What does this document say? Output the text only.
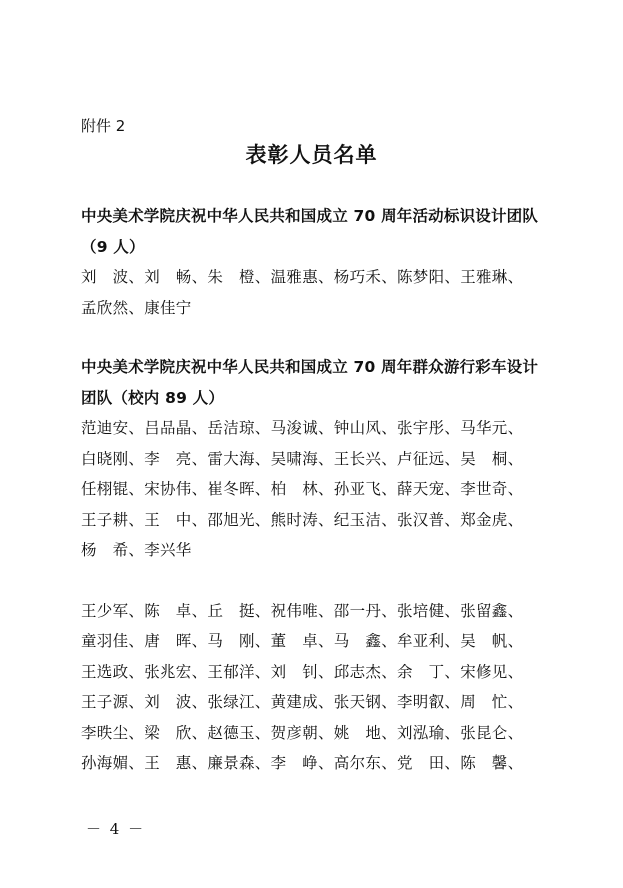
附件 2
表彰人员名单
中央美术学院庆祝中华人民共和国成立 70 周年活动标识设计团队
（9 人）
刘　波、刘　畅、朱　橙、温雅惠、杨巧禾、陈梦阳、王雅琳、
孟欣然、康佳宁
中央美术学院庆祝中华人民共和国成立 70 周年群众游行彩车设计
团队（校内 89 人）
范迪安、吕品晶、岳洁琼、马浚诚、钟山风、张宇彤、马华元、
白晓刚、李　亮、雷大海、吴啸海、王长兴、卢征远、吴　桐、
任栩锟、宋协伟、崔冬晖、柏　林、孙亚飞、薛天宠、李世奇、
王子耕、王　中、邵旭光、熊时涛、纪玉洁、张汉普、郑金虎、
杨　希、李兴华
王少军、陈　卓、丘　挺、祝伟唯、邵一丹、张培健、张留鑫、
童羽佳、唐　晖、马　刚、董　卓、马　鑫、牟亚利、吴　帆、
王选政、张兆宏、王郁洋、刘　钊、邱志杰、余　丁、宋修见、
王子源、刘　波、张绿江、黄建成、张天钢、李明叡、周　忙、
李昳尘、梁　欣、赵德玉、贺彦朝、姚　地、刘泓瑜、张昆仑、
孙海媚、王　惠、廉景森、李　峥、高尔东、党　田、陈　馨、
－ 4 －
